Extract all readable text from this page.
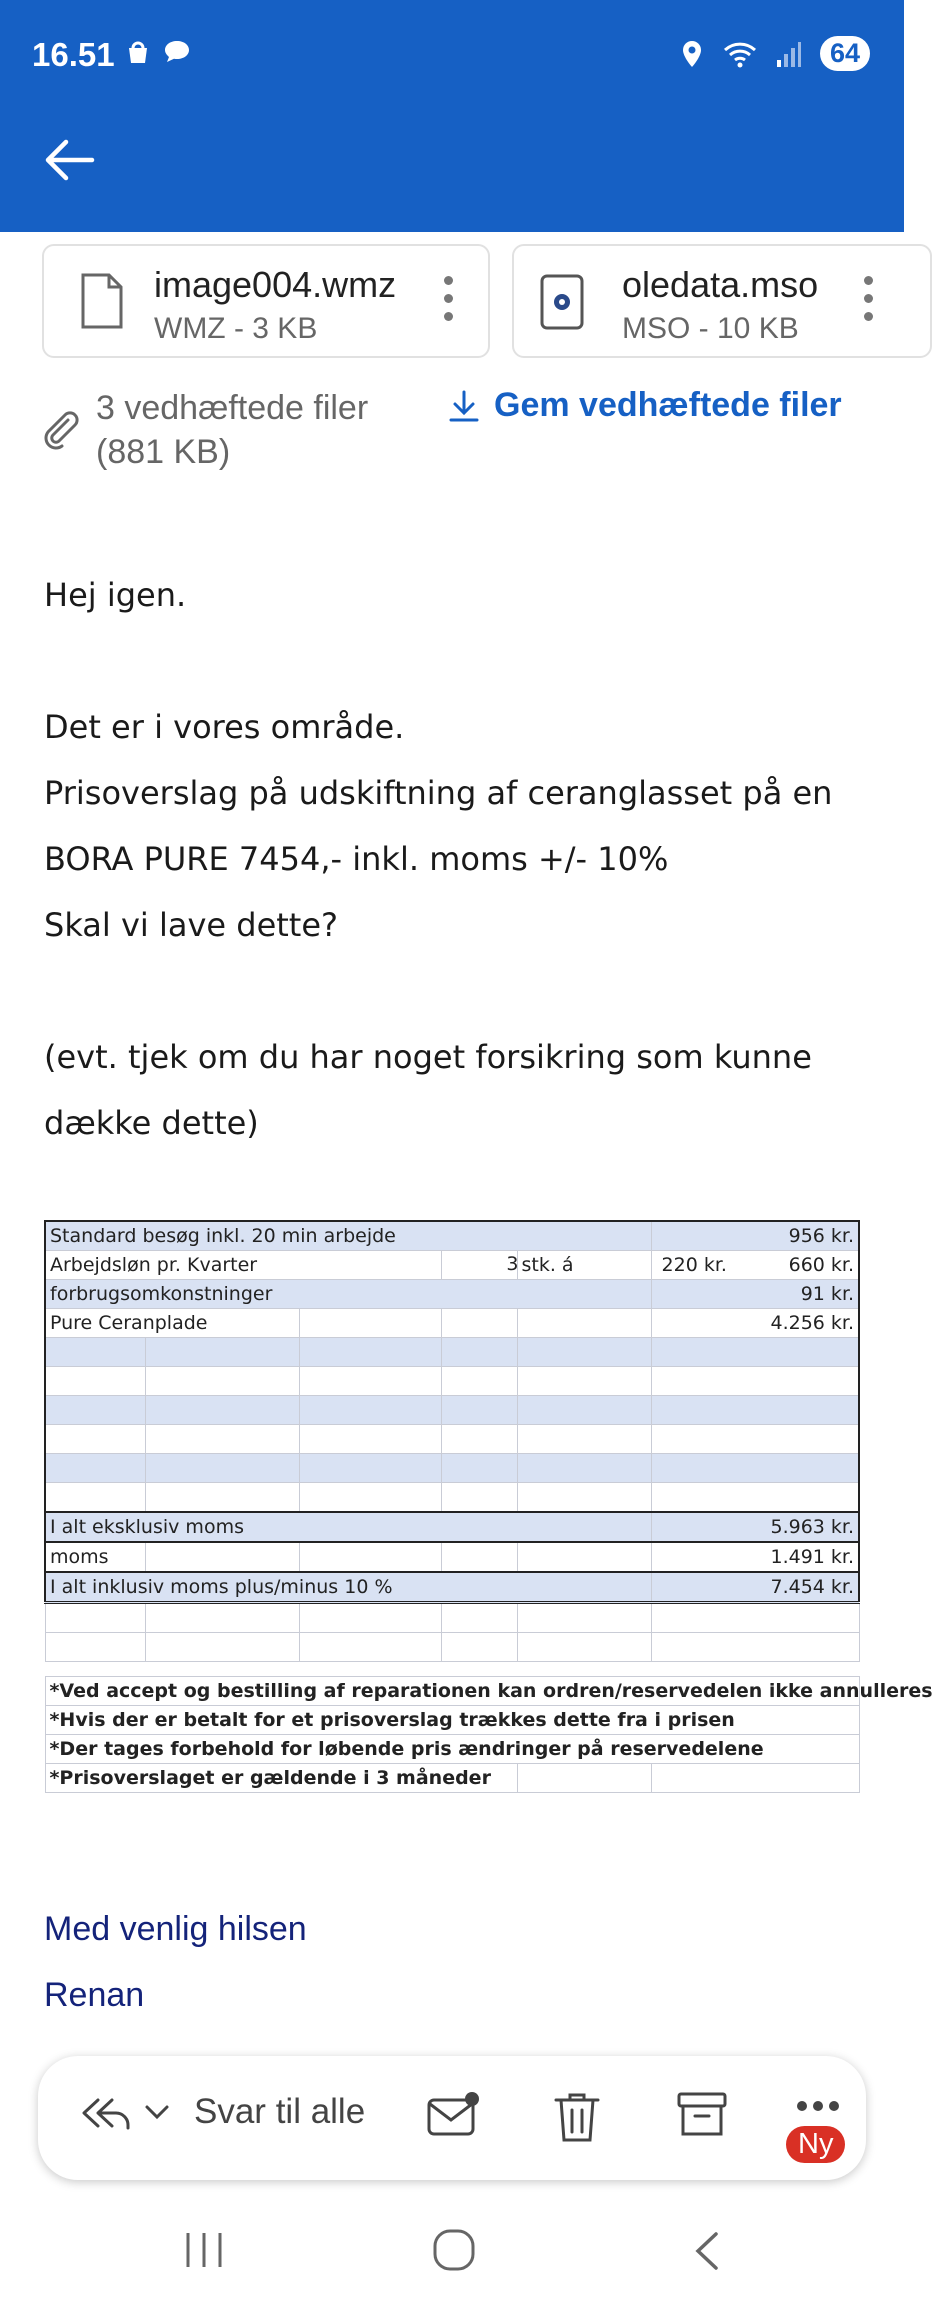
16.51	64
image004.wmz
WMZ - 3 KB
oledata.mso
MSO - 10 KB
3 vedhæftede filer
(881 KB)
Gem vedhæftede filer
Hej igen.
Det er i vores område.
Prisoverslag på udskiftning af ceranglasset på en
BORA PURE 7454,- inkl. moms +/- 10%
Skal vi lave dette?
(evt. tjek om du har noget forsikring som kunne
dække dette)
Standard besøg inkl. 20 min arbejde					956 kr.
Arbejdsløn pr. Kvarter			3	stk. á	220 kr. 660 kr.
forbrugsomkonstninger					91 kr.
Pure Ceranplade					4.256 kr.

I alt eksklusiv moms					5.963 kr.
moms					1.491 kr.
I alt inklusiv moms plus/minus 10 %					7.454 kr.

*Ved accept og bestilling af reparationen kan ordren/reservedelen ikke annulleres					
*Hvis der er betalt for et prisoverslag trækkes dette fra i prisen					
*Der tages forbehold for løbende pris ændringer på reservedelene					
*Prisoverslaget er gældende i 3 måneder					
Med venlig hilsen
Renan
Svar til alle
Ny
